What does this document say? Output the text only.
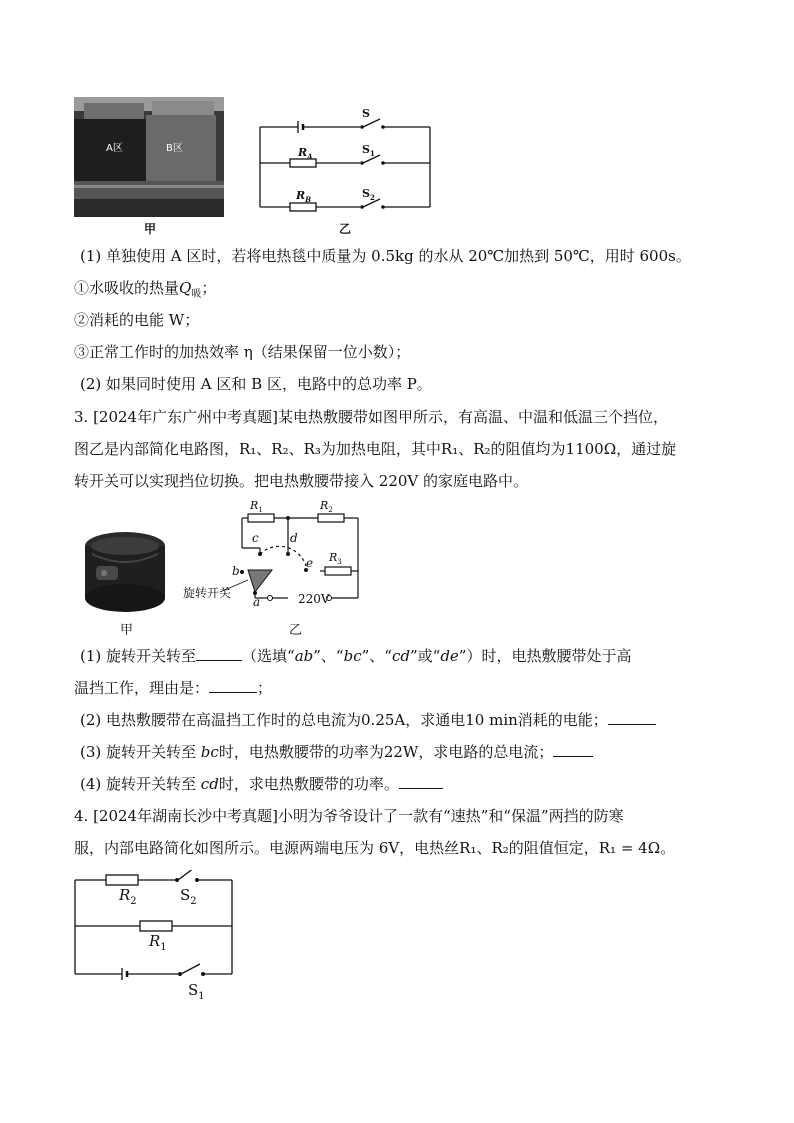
A区	B区
甲
S
$S_1$
$S_2$
$R_A$
$R_B$
乙
(1) 单独使用 A 区时，若将电热毯中质量为 0.5kg 的水从 20℃加热到 50℃，用时 600s。
①水吸收的热量$Q_吸$；
②消耗的电能 W；
③正常工作时的加热效率 η（结果保留一位小数）；
(2) 如果同时使用 A 区和 B 区，电路中的总功率 P。
3. [2024年广东广州中考真题]某电热敷腰带如图甲所示，有高温、中温和低温三个挡位，
图乙是内部简化电路图，R₁、R₂、R₃为加热电阻，其中R₁、R₂的阻值均为1100Ω，通过旋
转开关可以实现挡位切换。把电热敷腰带接入 220V 的家庭电路中。
甲
$R_1$	$R_2$
$R_3$
c	d
b
e
a
旋转开关	220V
乙
(1) 旋转开关转至	（选填“ab”、“bc”、“cd”或“de”）时，电热敷腰带处于高
温挡工作，理由是：	；
(2) 电热敷腰带在高温挡工作时的总电流为0.25A，求通电10 min消耗的电能；
(3) 旋转开关转至 bc时，电热敷腰带的功率为22W，求电路的总电流；
(4) 旋转开关转至 cd时，求电热敷腰带的功率。
4. [2024年湖南长沙中考真题]小明为爷爷设计了一款有“速热”和“保温”两挡的防寒
服，内部电路简化如图所示。电源两端电压为 6V，电热丝R₁、R₂的阻值恒定，R₁ = 4Ω。
$R_2$	$S_2$
$R_1$
$S_1$
